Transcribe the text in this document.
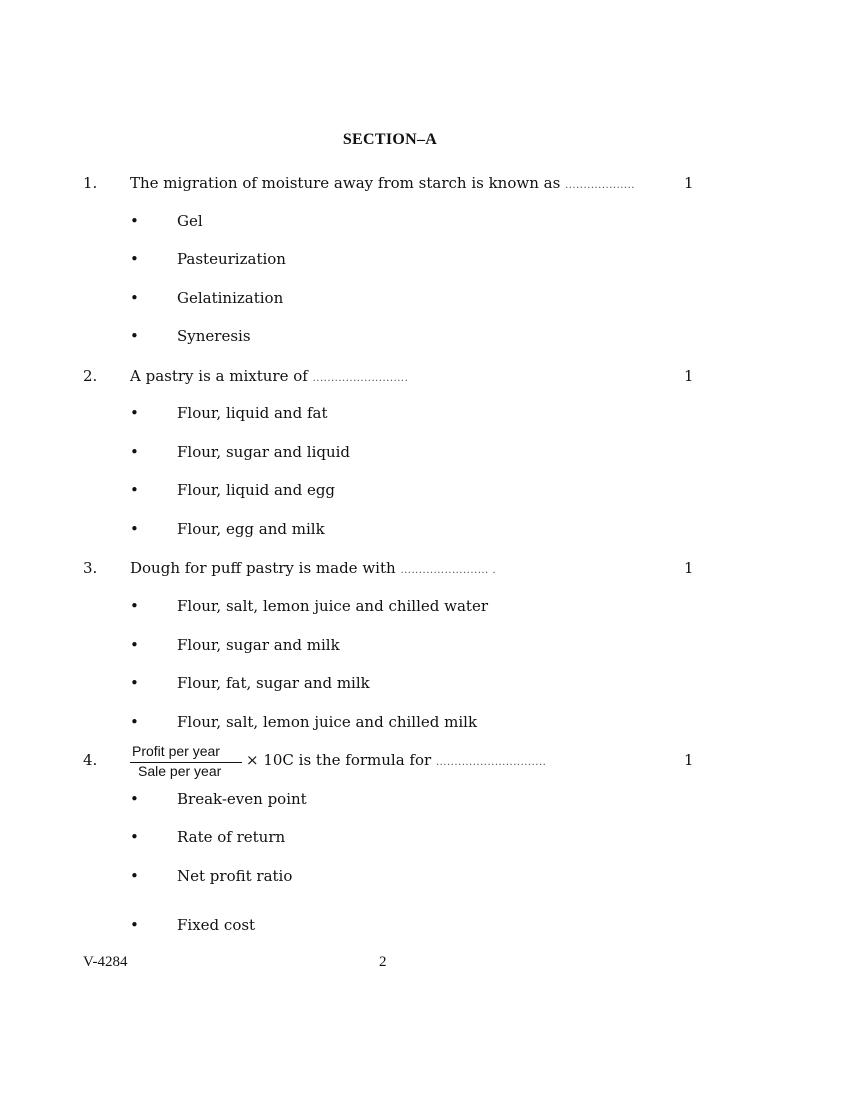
SECTION–A
1. The migration of moisture away from starch is known as ...................	1
•	Gel
•	Pasteurization
•	Gelatinization
•	Syneresis
2. A pastry is a mixture of ..........................	1
•	Flour, liquid and fat
•	Flour, sugar and liquid
•	Flour, liquid and egg
•	Flour, egg and milk
3. Dough for puff pastry is made with ........................ .	1
•	Flour, salt, lemon juice and chilled water
•	Flour, sugar and milk
•	Flour, fat, sugar and milk
•	Flour, salt, lemon juice and chilled milk
4. Profit per year
Sale per year
× 10C is the formula for ..............................	1
•	Break-even point
•	Rate of return
•	Net profit ratio
•	Fixed cost
V-4284	2
